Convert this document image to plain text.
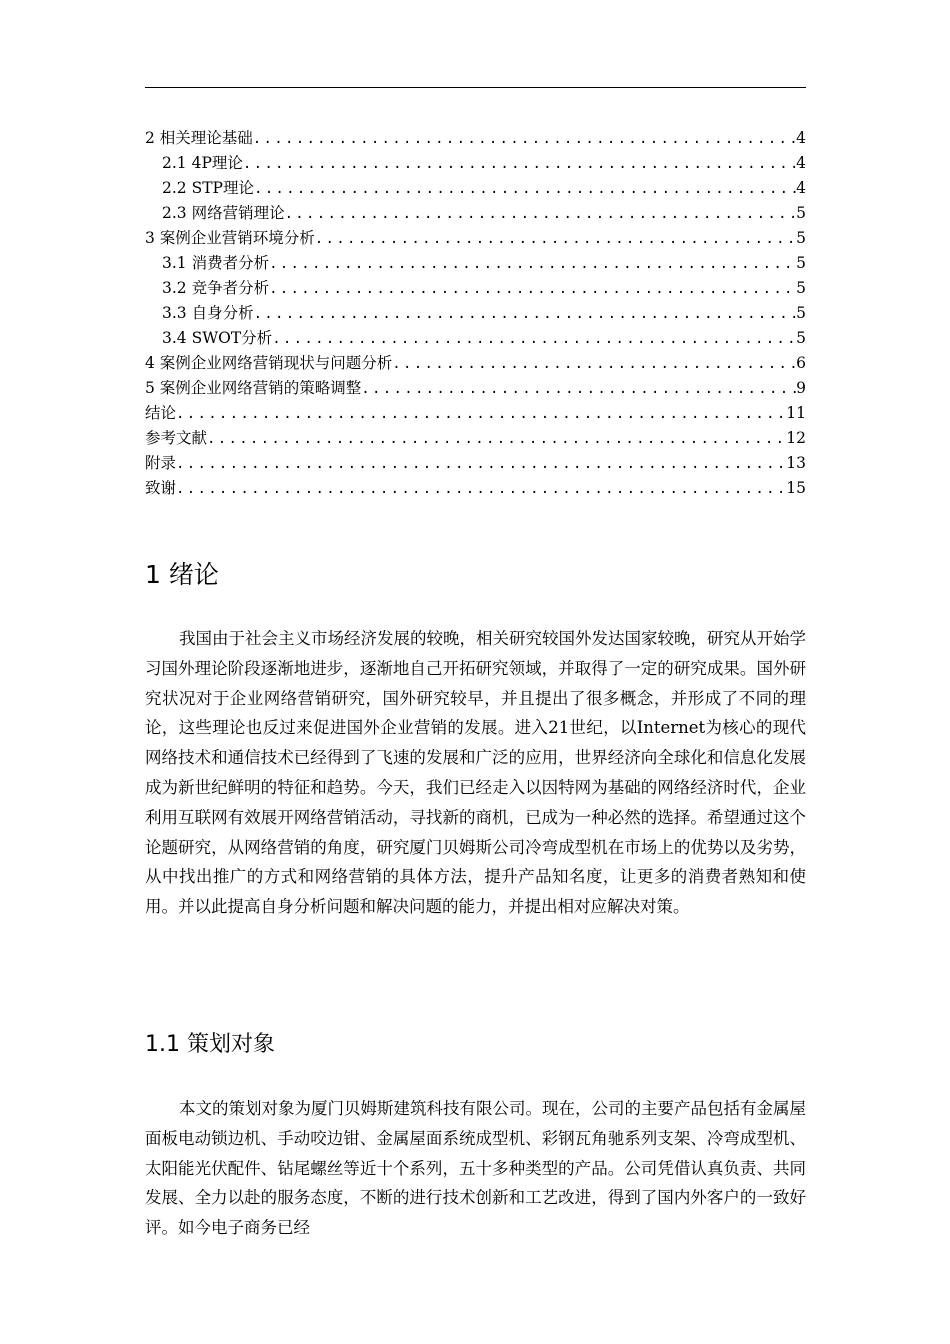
2 相关理论基础 .....	4
2.1 4P理论 .....	4
2.2 STP理论 .....	4
2.3 网络营销理论 .....	5
3 案例企业营销环境分析 .....	5
3.1 消费者分析 .....	5
3.2 竞争者分析 .....	5
3.3 自身分析 .....	5
3.4 SWOT分析 .....	5
4 案例企业网络营销现状与问题分析 .....	6
5 案例企业网络营销的策略调整 .....	9
结论 .....	11
参考文献 .....	12
附录 .....	13
致谢 .....	15
1 绪论

我国由于社会主义市场经济发展的较晚，相关研究较国外发达国家较晚，研究从开始学习国外理论阶段逐渐地进步，逐渐地自己开拓研究领域，并取得了一定的研究成果。国外研究状况对于企业网络营销研究，国外研究较早，并且提出了很多概念，并形成了不同的理论，这些理论也反过来促进国外企业营销的发展。进入21世纪，以Internet为核心的现代网络技术和通信技术已经得到了飞速的发展和广泛的应用，世界经济向全球化和信息化发展成为新世纪鲜明的特征和趋势。今天，我们已经走入以因特网为基础的网络经济时代，企业利用互联网有效展开网络营销活动，寻找新的商机，已成为一种必然的选择。希望通过这个论题研究，从网络营销的角度，研究厦门贝姆斯公司冷弯成型机在市场上的优势以及劣势，从中找出推广的方式和网络营销的具体方法，提升产品知名度，让更多的消费者熟知和使用。并以此提高自身分析问题和解决问题的能力，并提出相对应解决对策。

1.1 策划对象

本文的策划对象为厦门贝姆斯建筑科技有限公司。现在，公司的主要产品包括有金属屋面板电动锁边机、手动咬边钳、金属屋面系统成型机、彩钢瓦角驰系列支架、冷弯成型机、太阳能光伏配件、钻尾螺丝等近十个系列，五十多种类型的产品。公司凭借认真负责、共同发展、全力以赴的服务态度，不断的进行技术创新和工艺改进，得到了国内外客户的一致好评。如今电子商务已经
